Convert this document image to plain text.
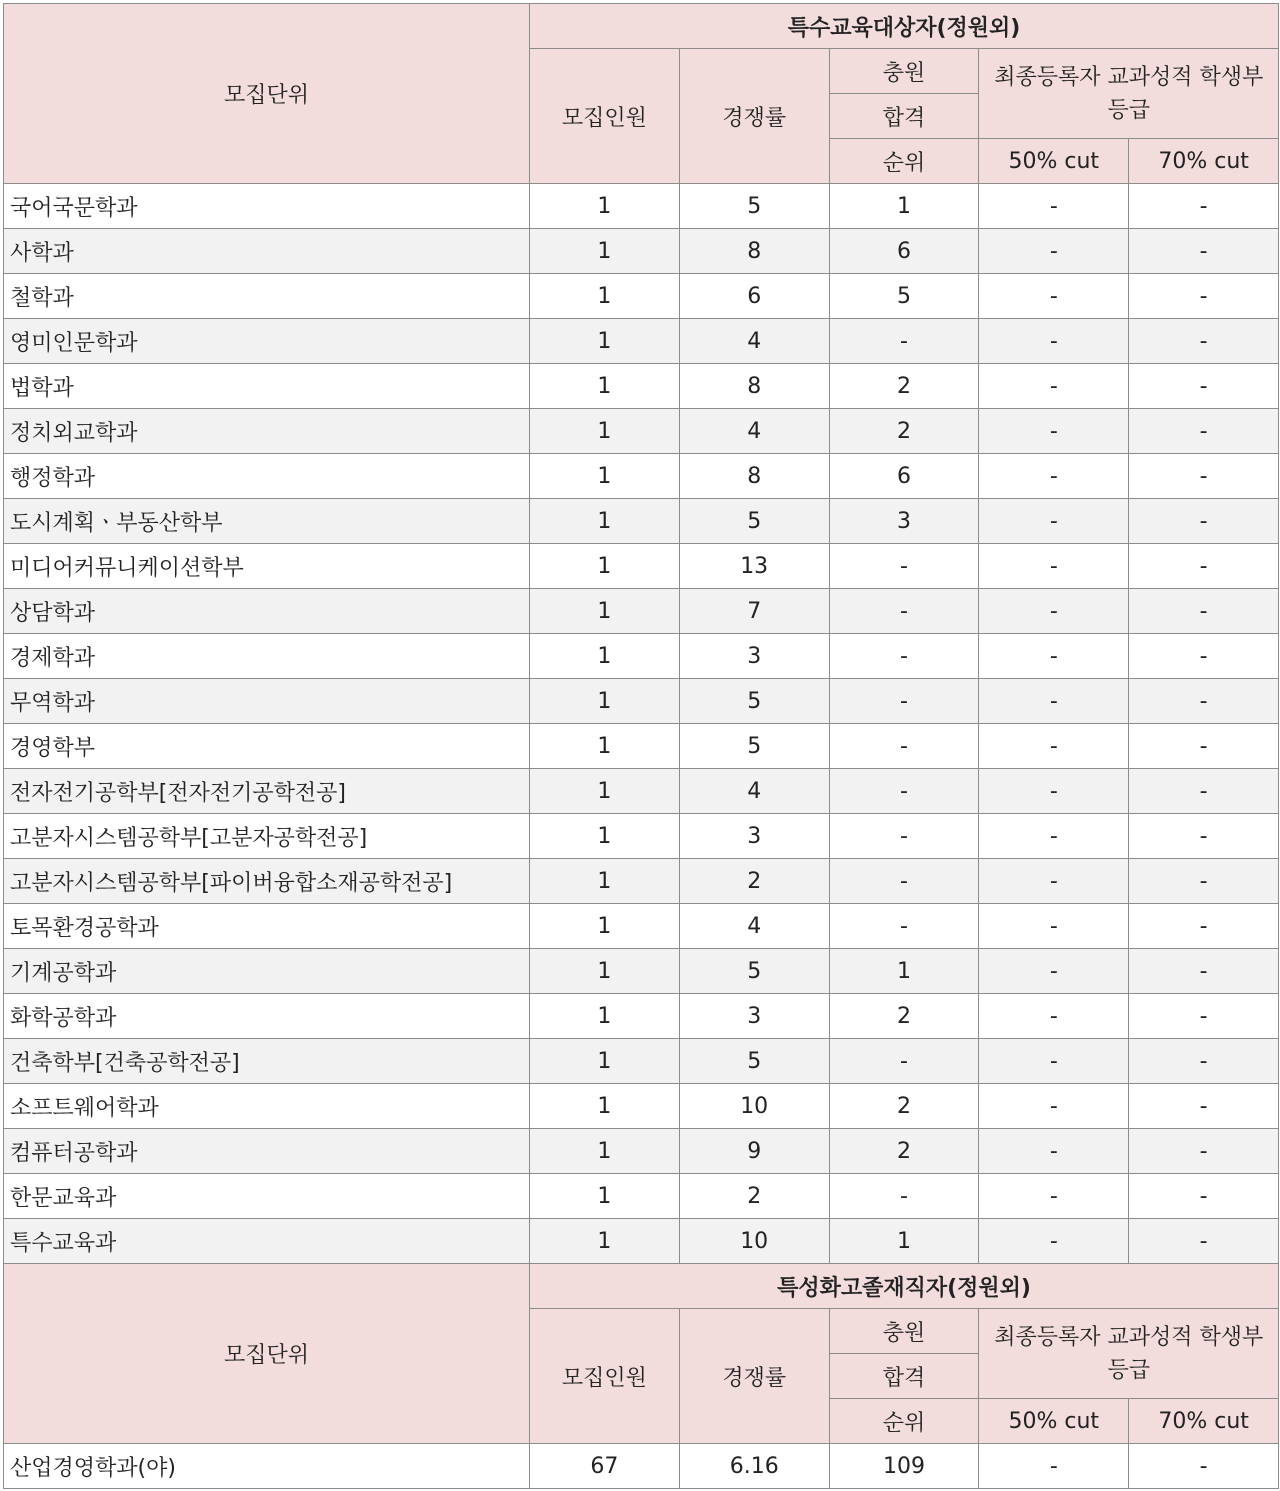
모집단위	특수교육대상자(정원외)				
	모집인원	경쟁률	충원	최종등록자 교과성적 학생부등급	
			합격		
			순위	50% cut	70% cut
국어국문학과	1	5	1	-	-
사학과	1	8	6	-	-
철학과	1	6	5	-	-
영미인문학과	1	4	-	-	-
법학과	1	8	2	-	-
정치외교학과	1	4	2	-	-
행정학과	1	8	6	-	-
도시계획ㆍ부동산학부	1	5	3	-	-
미디어커뮤니케이션학부	1	13	-	-	-
상담학과	1	7	-	-	-
경제학과	1	3	-	-	-
무역학과	1	5	-	-	-
경영학부	1	5	-	-	-
전자전기공학부[전자전기공학전공]	1	4	-	-	-
고분자시스템공학부[고분자공학전공]	1	3	-	-	-
고분자시스템공학부[파이버융합소재공학전공]	1	2	-	-	-
토목환경공학과	1	4	-	-	-
기계공학과	1	5	1	-	-
화학공학과	1	3	2	-	-
건축학부[건축공학전공]	1	5	-	-	-
소프트웨어학과	1	10	2	-	-
컴퓨터공학과	1	9	2	-	-
한문교육과	1	2	-	-	-
특수교육과	1	10	1	-	-
모집단위	특성화고졸재직자(정원외)				
	모집인원	경쟁률	충원	최종등록자 교과성적 학생부등급	
			합격		
			순위	50% cut	70% cut
산업경영학과(야)	67	6.16	109	-	-
